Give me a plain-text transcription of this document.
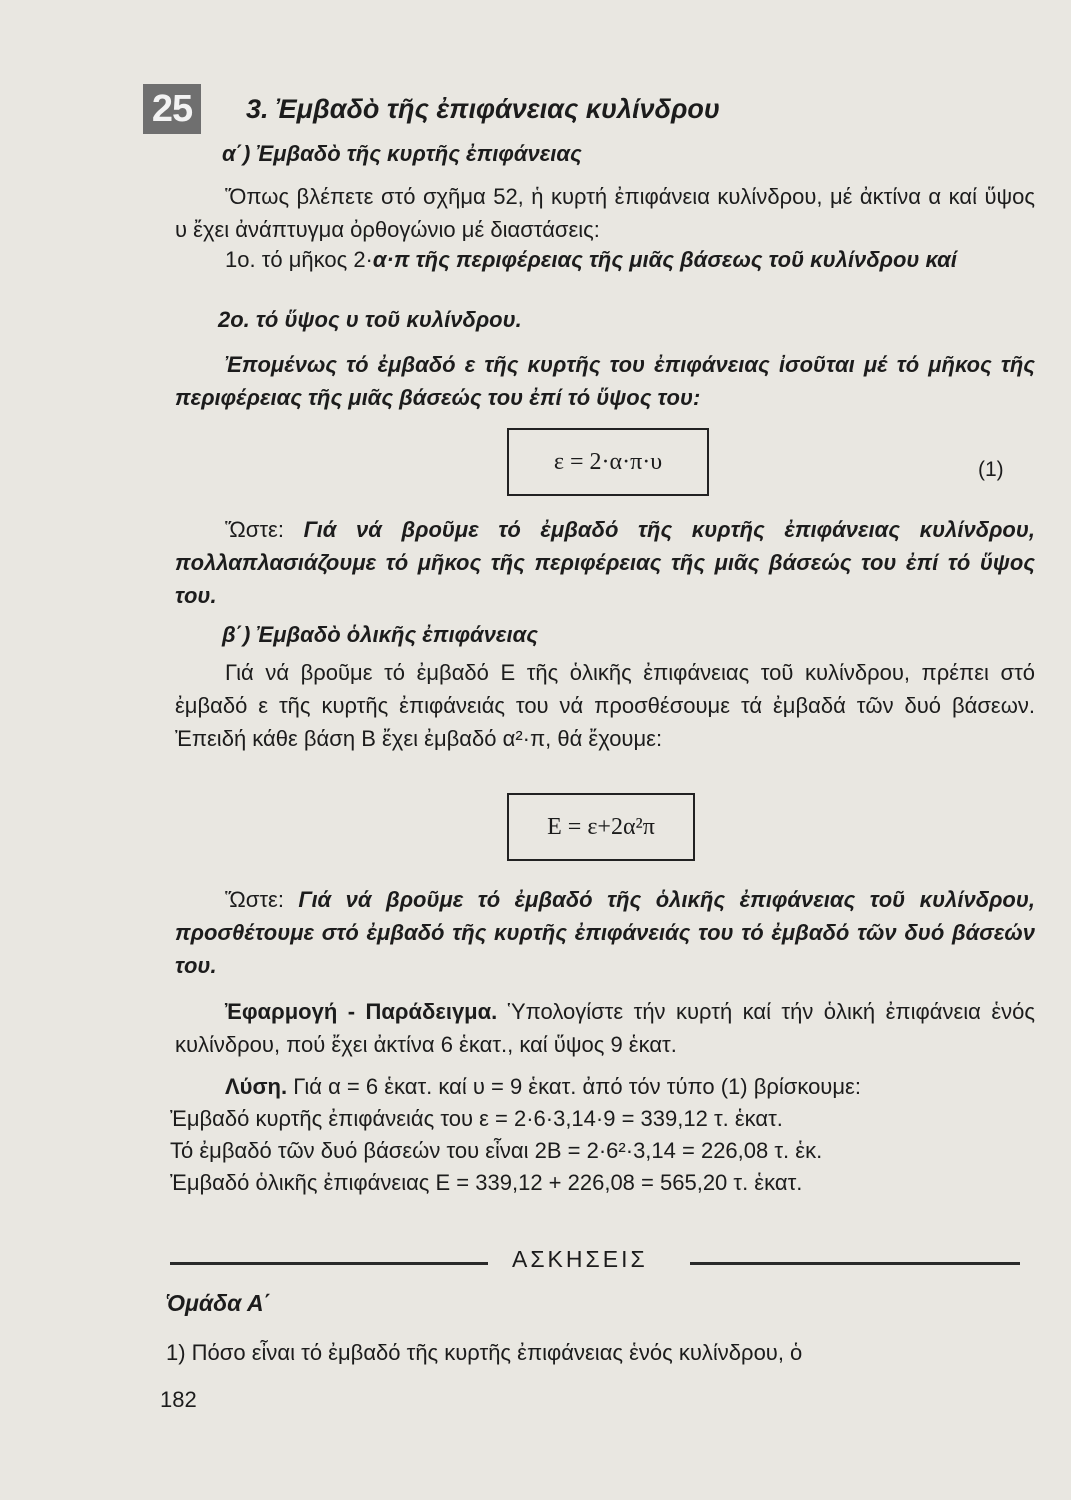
25	3. Ἐμβαδὸ τῆς ἐπιφάνειας κυλίνδρου
α΄) Ἐμβαδὸ τῆς κυρτῆς ἐπιφάνειας
Ὅπως βλέπετε στό σχῆμα 52, ἡ κυρτή ἐπιφάνεια κυλίνδρου, μέ ἀκτίνα α καί ὕψος υ ἔχει ἀνάπτυγμα ὀρθογώνιο μέ διαστάσεις:
1ο. τό μῆκος 2·α·π τῆς περιφέρειας τῆς μιᾶς βάσεως τοῦ κυλίνδρου καί
2ο. τό ὕψος υ τοῦ κυλίνδρου.
Ἐπομένως τό ἐμβαδό ε τῆς κυρτῆς του ἐπιφάνειας ἰσοῦται μέ τό μῆκος τῆς περιφέρειας τῆς μιᾶς βάσεώς του ἐπί τό ὕψος του:
ε = 2·α·π·υ	(1)
Ὥστε: Γιά νά βροῦμε τό ἐμβαδό τῆς κυρτῆς ἐπιφάνειας κυλίνδρου, πολλαπλασιάζουμε τό μῆκος τῆς περιφέρειας τῆς μιᾶς βάσεώς του ἐπί τό ὕψος του.
β΄) Ἐμβαδὸ ὁλικῆς ἐπιφάνειας
Γιά νά βροῦμε τό ἐμβαδό Ε τῆς ὁλικῆς ἐπιφάνειας τοῦ κυλίνδρου, πρέπει στό ἐμβαδό ε τῆς κυρτῆς ἐπιφάνειάς του νά προσθέσουμε τά ἐμβαδά τῶν δυό βάσεων. Ἐπειδή κάθε βάση Β ἔχει ἐμβαδό α²·π, θά ἔχουμε:
Ε = ε+2α²π
Ὥστε: Γιά νά βροῦμε τό ἐμβαδό τῆς ὁλικῆς ἐπιφάνειας τοῦ κυλίνδρου, προσθέτουμε στό ἐμβαδό τῆς κυρτῆς ἐπιφάνειάς του τό ἐμβαδό τῶν δυό βάσεών του.
Ἐφαρμογή - Παράδειγμα. Ὑπολογίστε τήν κυρτή καί τήν ὁλική ἐπιφάνεια ἑνός κυλίνδρου, πού ἔχει ἀκτίνα 6 ἑκατ., καί ὕψος 9 ἑκατ.
Λύση. Γιά α = 6 ἑκατ. καί υ = 9 ἑκατ. ἀπό τόν τύπο (1) βρίσκουμε:
Ἐμβαδό κυρτῆς ἐπιφάνειάς του ε = 2·6·3,14·9 = 339,12 τ. ἑκατ.
Τό ἐμβαδό τῶν δυό βάσεών του εἶναι 2Β = 2·6²·3,14 = 226,08 τ. ἑκ.
Ἐμβαδό ὁλικῆς ἐπιφάνειας Ε = 339,12 + 226,08 = 565,20 τ. ἑκατ.
ΑΣΚΗΣΕΙΣ
Ὁμάδα Α΄
1) Πόσο εἶναι τό ἐμβαδό τῆς κυρτῆς ἐπιφάνειας ἑνός κυλίνδρου, ὁ
182
